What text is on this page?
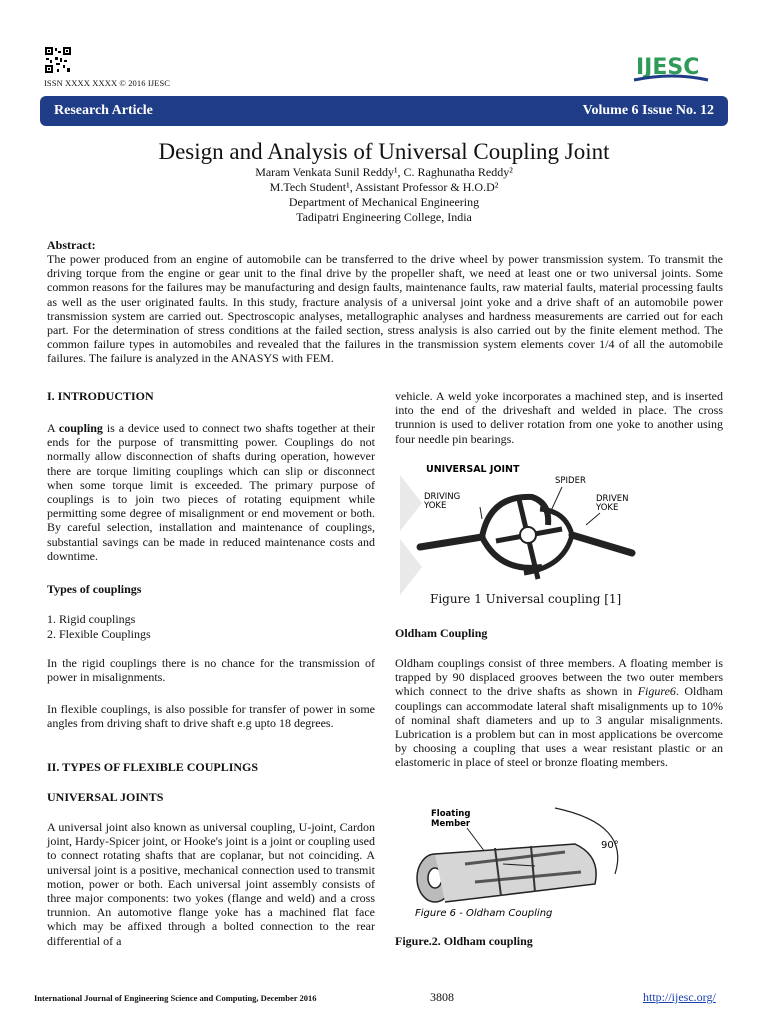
ISSN XXXX XXXX © 2016 IJESC
IJESC
Research Article	Volume 6 Issue No. 12
Design and Analysis of Universal Coupling Joint
Maram Venkata Sunil Reddy¹, C. Raghunatha Reddy²
M.Tech Student¹, Assistant Professor & H.O.D²
Department of Mechanical Engineering
Tadipatri Engineering College, India
Abstract:
The power produced from an engine of automobile can be transferred to the drive wheel by power transmission system. To transmit the driving torque from the engine or gear unit to the final drive by the propeller shaft, we need at least one or two universal joints. Some common reasons for the failures may be manufacturing and design faults, maintenance faults, raw material faults, material processing faults as well as the user originated faults. In this study, fracture analysis of a universal joint yoke and a drive shaft of an automobile power transmission system are carried out. Spectroscopic analyses, metallographic analyses and hardness measurements are carried out for each part. For the determination of stress conditions at the failed section, stress analysis is also carried out by the finite element method. The common failure types in automobiles and revealed that the failures in the transmission system elements cover 1/4 of all the automobile failures. The failure is analyzed in the ANASYS with FEM.
I. INTRODUCTION
A coupling is a device used to connect two shafts together at their ends for the purpose of transmitting power. Couplings do not normally allow disconnection of shafts during operation, however there are torque limiting couplings which can slip or disconnect when some torque limit is exceeded. The primary purpose of couplings is to join two pieces of rotating equipment while permitting some degree of misalignment or end movement or both. By careful selection, installation and maintenance of couplings, substantial savings can be made in reduced maintenance costs and downtime.
Types of couplings
1. Rigid couplings
2. Flexible Couplings
In the rigid couplings there is no chance for the transmission of power in misalignments.
In flexible couplings, is also possible for transfer of power in some angles from driving shaft to drive shaft e.g upto 18 degrees.
II. TYPES OF FLEXIBLE COUPLINGS
UNIVERSAL JOINTS
A universal joint also known as universal coupling, U-joint, Cardon joint, Hardy-Spicer joint, or Hooke's joint is a joint or coupling used to connect rotating shafts that are coplanar, but not coinciding. A universal joint is a positive, mechanical connection used to transmit motion, power or both. Each universal joint assembly consists of three major components: two yokes (flange and weld) and a cross trunnion. An automotive flange yoke has a machined flat face which may be affixed through a bolted connection to the rear differential of a
vehicle. A weld yoke incorporates a machined step, and is inserted into the end of the driveshaft and welded in place. The cross trunnion is used to deliver rotation from one yoke to another using four needle pin bearings.
UNIVERSAL JOINT
SPIDER
DRIVING
YOKE
DRIVEN
YOKE
Figure 1 Universal coupling [1]
Oldham Coupling
Oldham couplings consist of three members. A floating member is trapped by 90 displaced grooves between the two outer members which connect to the drive shafts as shown in Figure6. Oldham couplings can accommodate lateral shaft misalignments up to 10% of nominal shaft diameters and up to 3 angular misalignments. Lubrication is a problem but can in most applications be overcome by choosing a coupling that uses a wear resistant plastic or an elastomeric in place of steel or bronze floating members.
Floating
Member
90°
Figure 6 - Oldham Coupling
Figure.2. Oldham coupling
International Journal of Engineering Science and Computing, December 2016	3808	http://ijesc.org/
